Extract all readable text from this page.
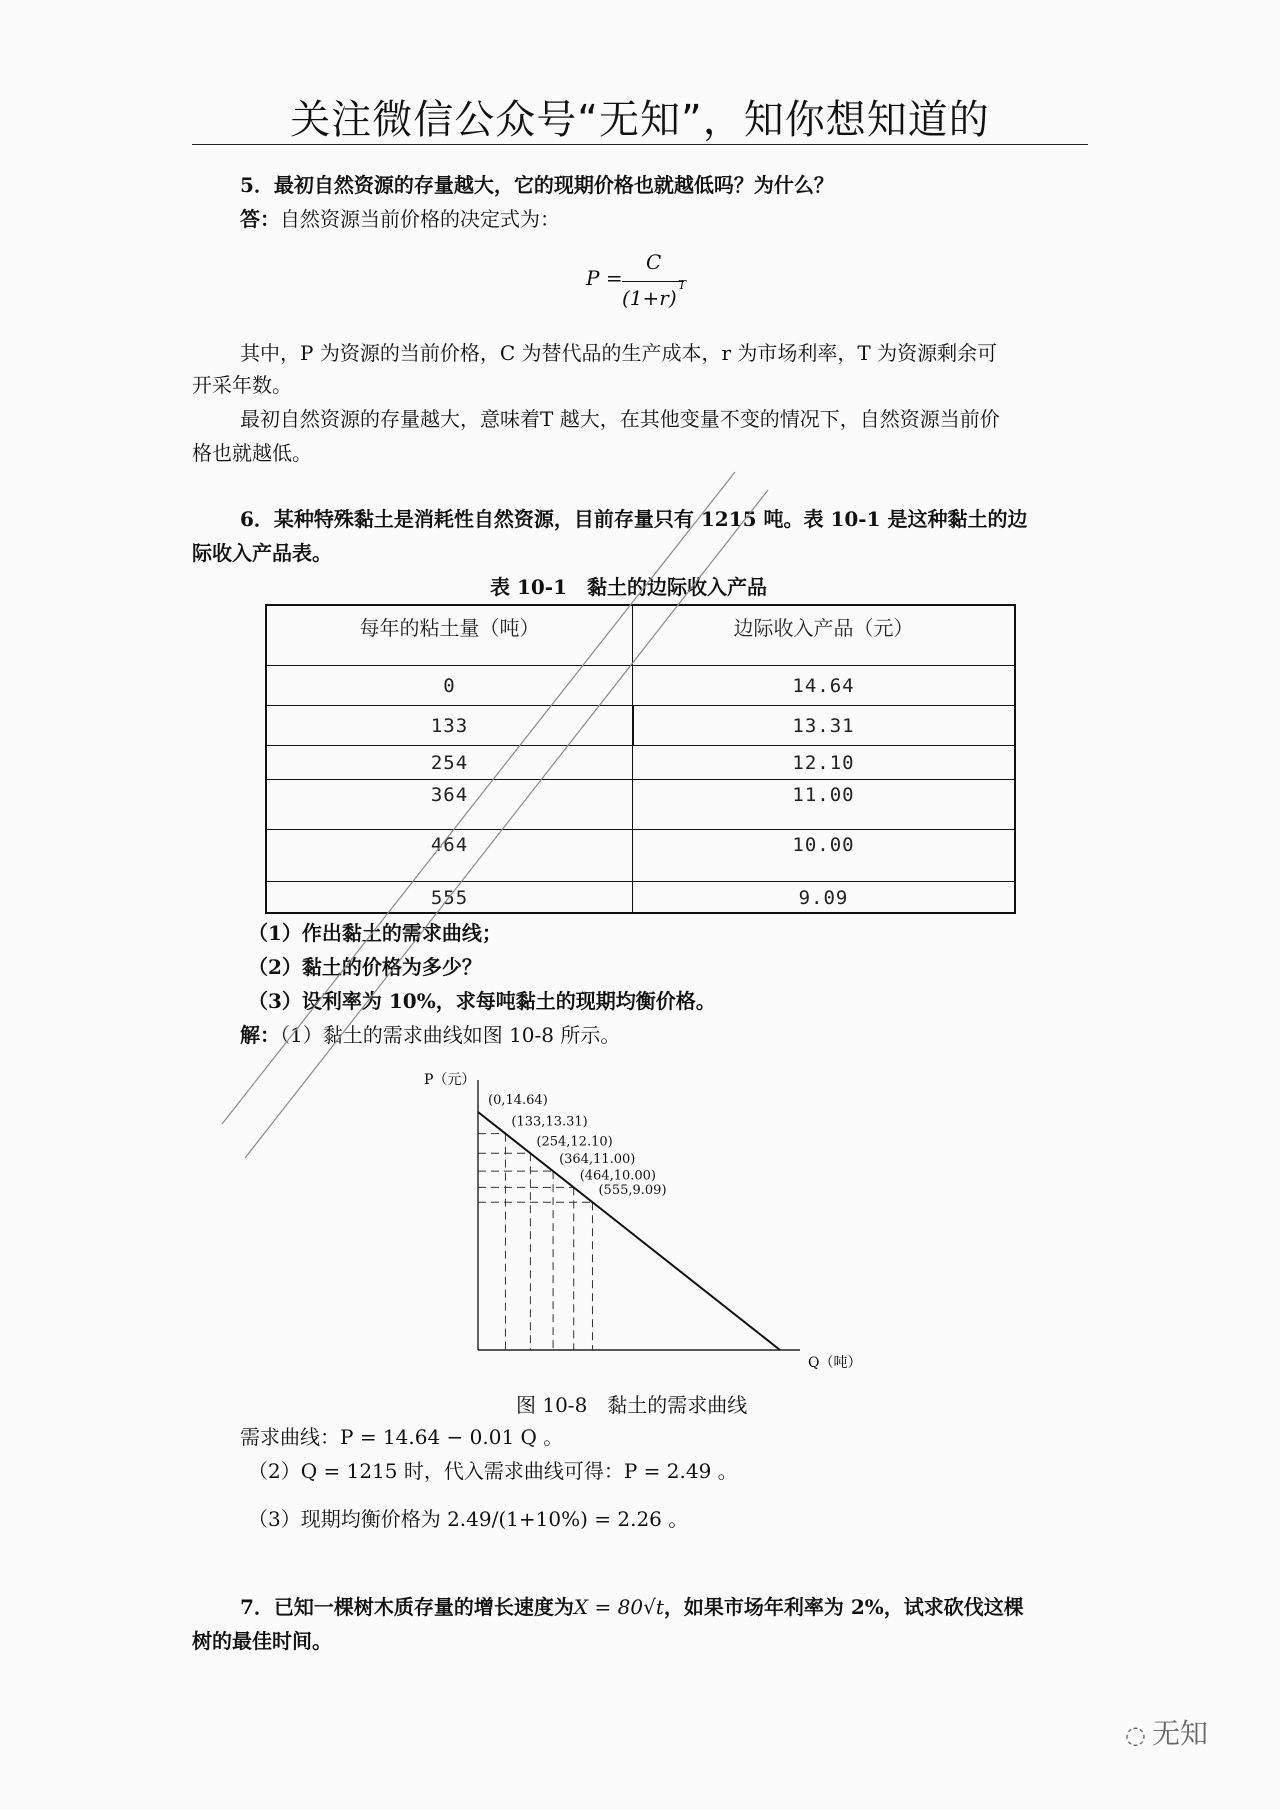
关注微信公众号“无知”，知你想知道的
5．最初自然资源的存量越大，它的现期价格也就越低吗？为什么？
答：自然资源当前价格的决定式为：
P =
C
(1+r)
T
其中，P 为资源的当前价格，C 为替代品的生产成本，r 为市场利率，T 为资源剩余可
开采年数。
最初自然资源的存量越大，意味着T 越大，在其他变量不变的情况下，自然资源当前价
格也就越低。
6．某种特殊黏土是消耗性自然资源，目前存量只有 1215 吨。表 10-1 是这种黏土的边
际收入产品表。
表 10-1　黏土的边际收入产品
每年的粘土量（吨）	边际收入产品（元）
0	14.64
133	13.31
254	12.10
364	11.00
464	10.00
555	9.09
（1）作出黏土的需求曲线；
（2）黏土的价格为多少？
（3）设利率为 10%，求每吨黏土的现期均衡价格。
解：（1）黏土的需求曲线如图 10-8 所示。
P（元）
Q（吨）
(0,14.64)
(133,13.31)
(254,12.10)
(364,11.00)
(464,10.00)
(555,9.09)
图 10-8　黏土的需求曲线
需求曲线：P = 14.64 − 0.01 Q 。
（2）Q = 1215 时，代入需求曲线可得：P = 2.49 。
（3）现期均衡价格为 2.49/(1+10%) = 2.26 。
7．已知一棵树木质存量的增长速度为X = 80√t，如果市场年利率为 2%，试求砍伐这棵
树的最佳时间。
◌ 无知
